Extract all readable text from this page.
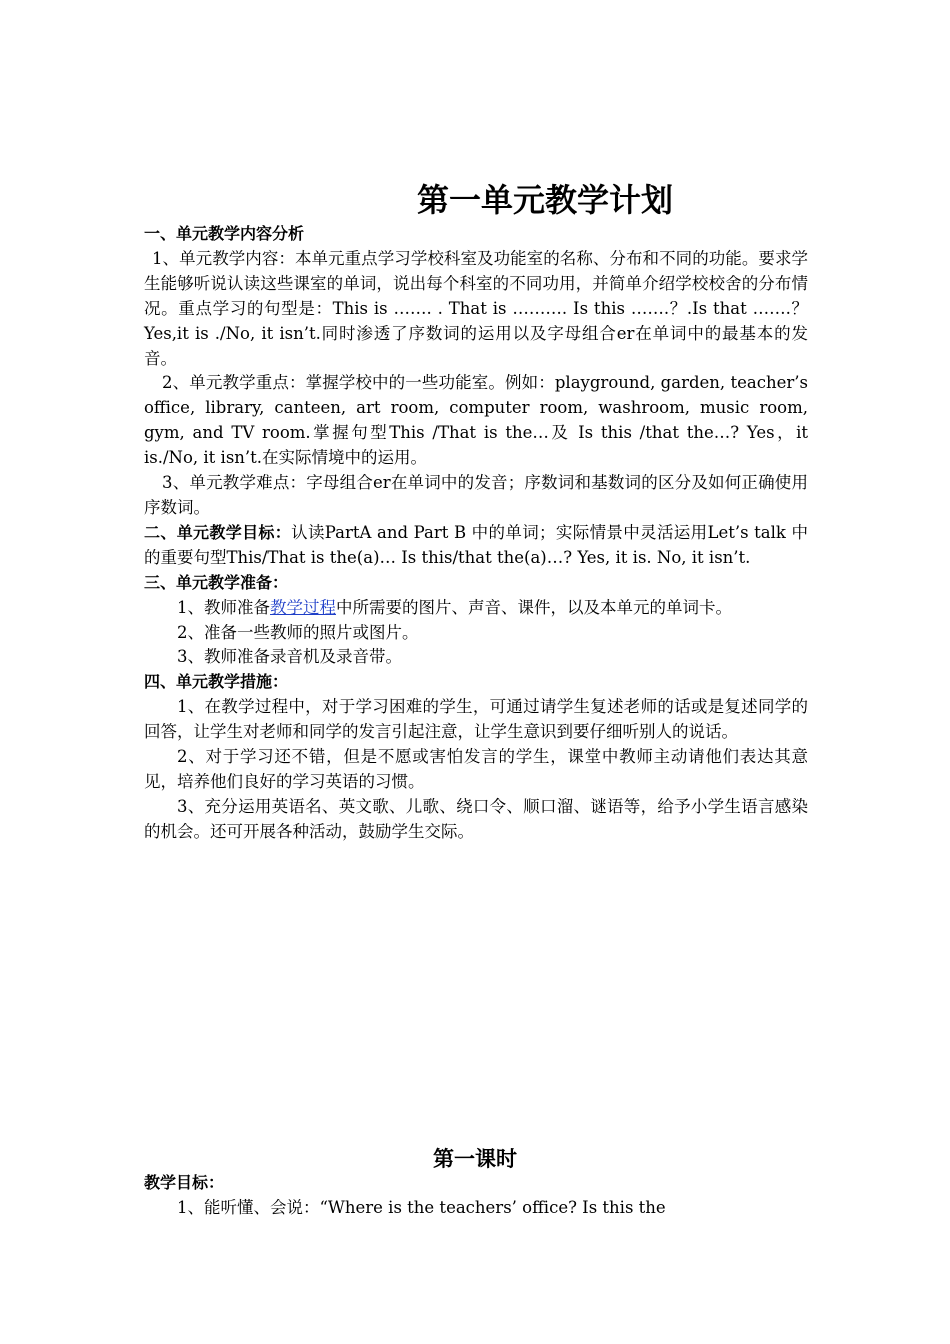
第一单元教学计划

一、单元教学内容分析

1、单元教学内容：本单元重点学习学校科室及功能室的名称、分布和不同的功能。要求学生能够听说认读这些课室的单词，说出每个科室的不同功用，并简单介绍学校校舍的分布情况。重点学习的句型是：This is ……. . That is ………. Is this …….？.Is that …….？Yes,it is ./No, it isn’t.同时渗透了序数词的运用以及字母组合er在单词中的最基本的发音。

2、单元教学重点：掌握学校中的一些功能室。例如：playground, garden, teacher’s office, library, canteen, art room, computer room, washroom, music room, gym, and TV room.掌握句型This /That is the…及 Is this /that the…? Yes，it is./No, it isn’t.在实际情境中的运用。

3、单元教学难点：字母组合er在单词中的发音；序数词和基数词的区分及如何正确使用序数词。

二、单元教学目标：认读PartA and Part B 中的单词；实际情景中灵活运用Let’s talk 中的重要句型This/That is the(a)… Is this/that the(a)…? Yes, it is. No, it isn’t.

三、单元教学准备：

1、教师准备教学过程中所需要的图片、声音、课件，以及本单元的单词卡。

2、准备一些教师的照片或图片。

3、教师准备录音机及录音带。

四、单元教学措施：

1、在教学过程中，对于学习困难的学生，可通过请学生复述老师的话或是复述同学的回答，让学生对老师和同学的发言引起注意，让学生意识到要仔细听别人的说话。

2、对于学习还不错，但是不愿或害怕发言的学生，课堂中教师主动请他们表达其意见，培养他们良好的学习英语的习惯。

3、充分运用英语名、英文歌、儿歌、绕口令、顺口溜、谜语等，给予小学生语言感染的机会。还可开展各种活动，鼓励学生交际。

第一课时

教学目标：

1、能听懂、会说：“Where is the teachers’ office? Is this the
